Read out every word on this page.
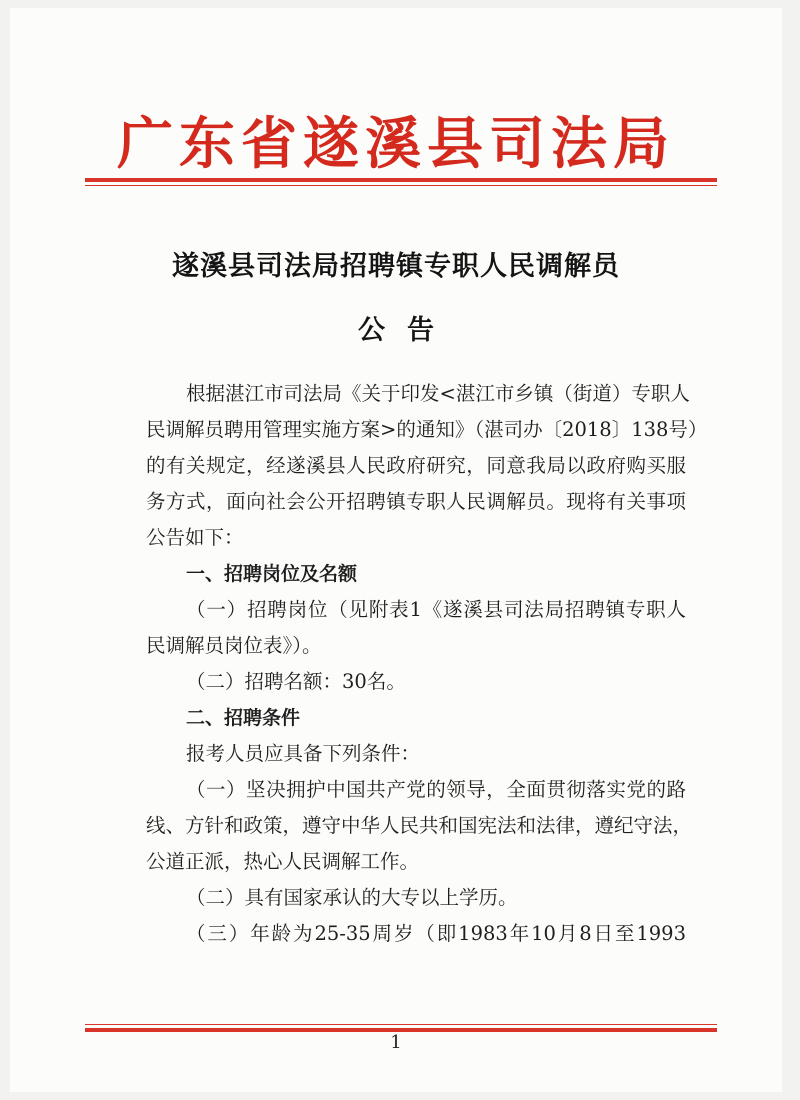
广东省遂溪县司法局
遂溪县司法局招聘镇专职人民调解员
公告
根据湛江市司法局《关于印发<湛江市乡镇（街道）专职人
民调解员聘用管理实施方案>的通知》（湛司办〔2018〕138号）
的有关规定，经遂溪县人民政府研究，同意我局以政府购买服
务方式，面向社会公开招聘镇专职人民调解员。现将有关事项
公告如下：
一、招聘岗位及名额
（一）招聘岗位（见附表1《遂溪县司法局招聘镇专职人
民调解员岗位表》）。
（二）招聘名额：30名。
二、招聘条件
报考人员应具备下列条件：
（一）坚决拥护中国共产党的领导，全面贯彻落实党的路
线、方针和政策，遵守中华人民共和国宪法和法律，遵纪守法，
公道正派，热心人民调解工作。
（二）具有国家承认的大专以上学历。
（三）年龄为25-35周岁（即1983年10月8日至1993
1
